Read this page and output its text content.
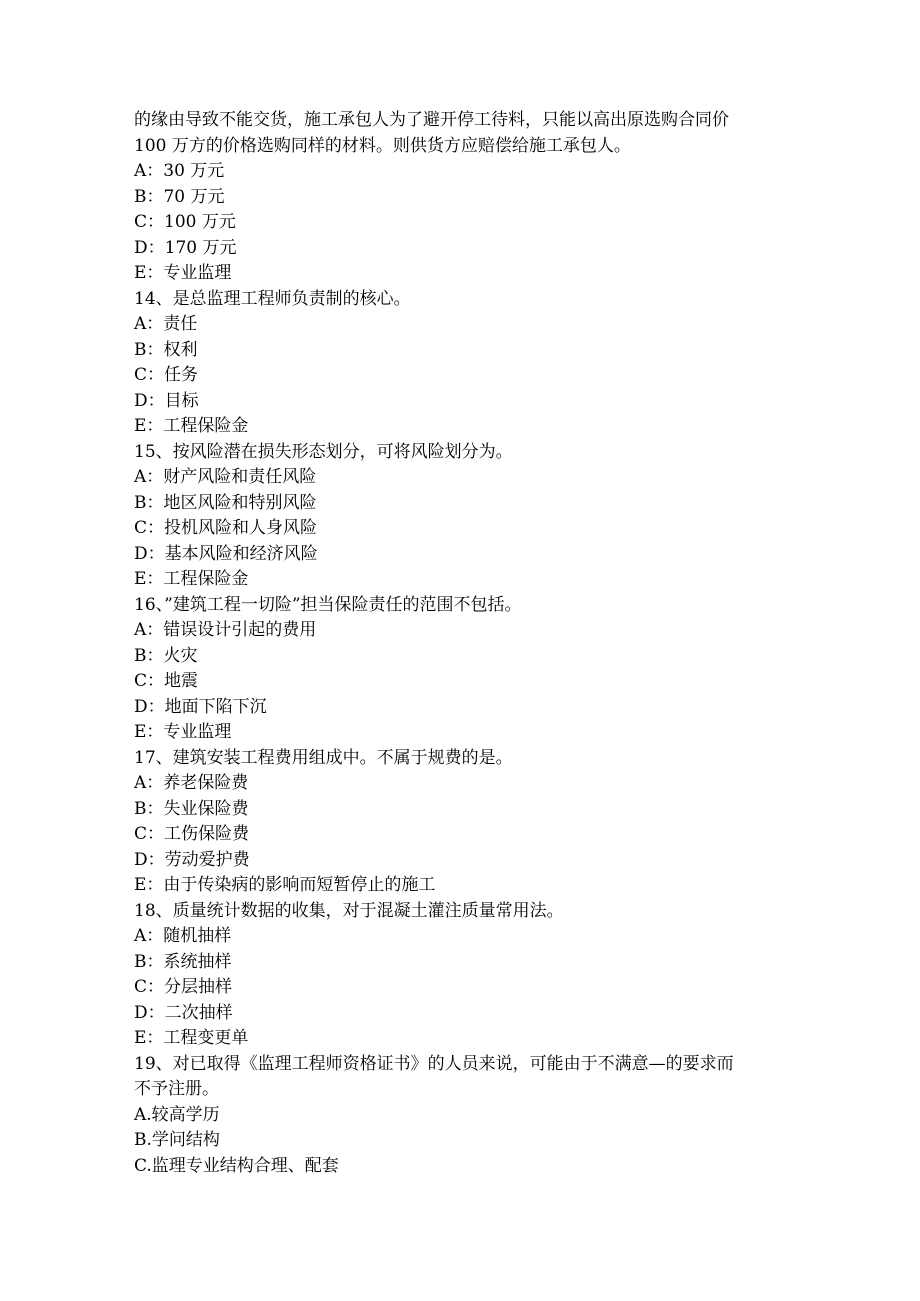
的缘由导致不能交货，施工承包人为了避开停工待料，只能以高出原选购合同价
100 万方的价格选购同样的材料。则供货方应赔偿给施工承包人。
A：30 万元
B：70 万元
C：100 万元
D：170 万元
E：专业监理
14、是总监理工程师负责制的核心。
A：责任
B：权利
C：任务
D：目标
E：工程保险金
15、按风险潜在损失形态划分，可将风险划分为。
A：财产风险和责任风险
B：地区风险和特别风险
C：投机风险和人身风险
D：基本风险和经济风险
E：工程保险金
16、”建筑工程一切险”担当保险责任的范围不包括。
A：错误设计引起的费用
B：火灾
C：地震
D：地面下陷下沉
E：专业监理
17、建筑安装工程费用组成中。不属于规费的是。
A：养老保险费
B：失业保险费
C：工伤保险费
D：劳动爱护费
E：由于传染病的影响而短暂停止的施工
18、质量统计数据的收集，对于混凝土灌注质量常用法。
A：随机抽样
B：系统抽样
C：分层抽样
D：二次抽样
E：工程变更单
19、对已取得《监理工程师资格证书》的人员来说，可能由于不满意—的要求而
不予注册。
A.较高学历
B.学问结构
C.监理专业结构合理、配套
